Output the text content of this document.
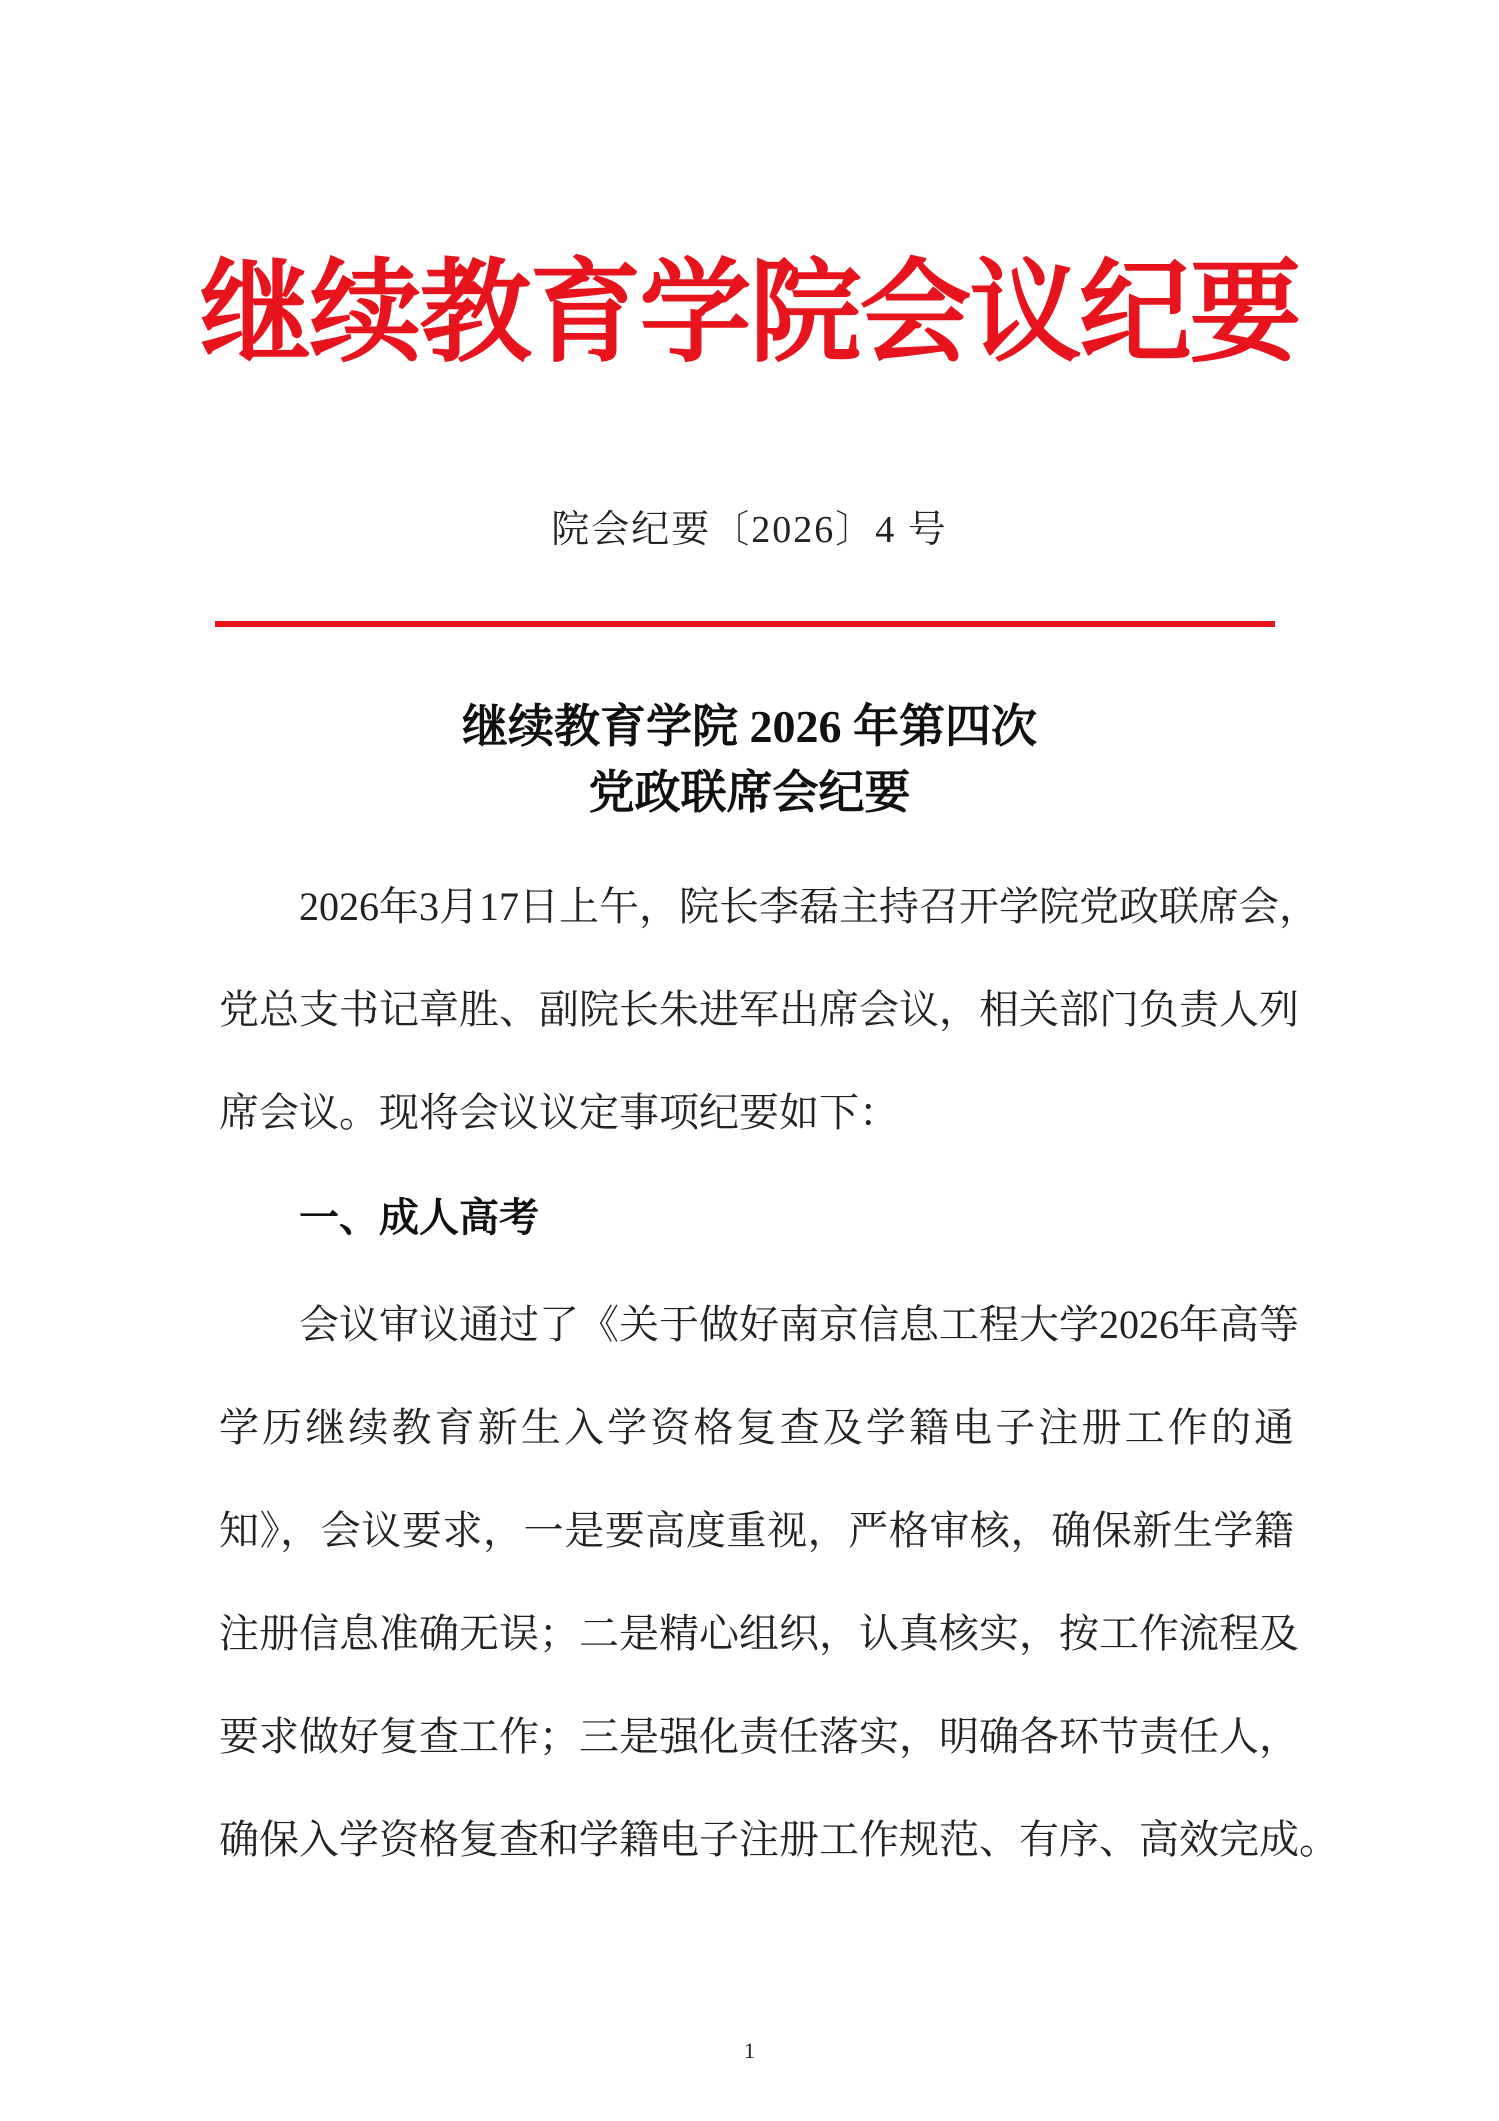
继续教育学院会议纪要
院会纪要〔2026〕4 号
继续教育学院 2026 年第四次
党政联席会纪要
2026年3月17日上午，院长李磊主持召开学院党政联席会，
党总支书记章胜、副院长朱进军出席会议，相关部门负责人列
席会议。现将会议议定事项纪要如下：
一、成人高考
会议审议通过了《关于做好南京信息工程大学2026年高等
学历继续教育新生入学资格复查及学籍电子注册工作的通
知》，会议要求，一是要高度重视，严格审核，确保新生学籍
注册信息准确无误；二是精心组织，认真核实，按工作流程及
要求做好复查工作；三是强化责任落实，明确各环节责任人，
确保入学资格复查和学籍电子注册工作规范、有序、高效完成。
1
